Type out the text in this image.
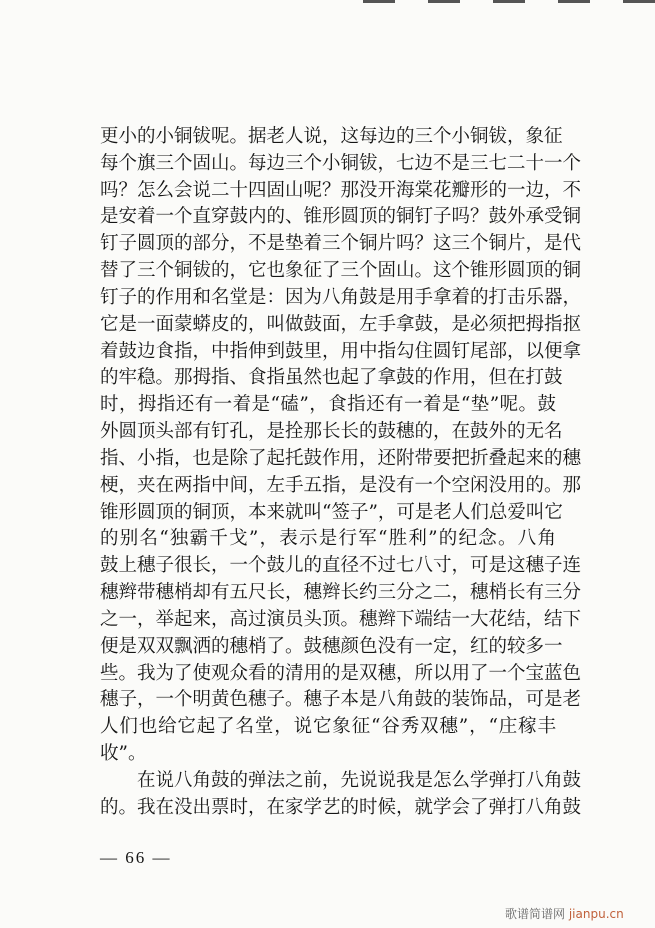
更小的小铜钹呢。据老人说，这每边的三个小铜钹，象征
每个旗三个固山。每边三个小铜钹，七边不是三七二十一个
吗？怎么会说二十四固山呢？那没开海棠花瓣形的一边，不
是安着一个直穿鼓内的、锥形圆顶的铜钉子吗？鼓外承受铜
钉子圆顶的部分，不是垫着三个铜片吗？这三个铜片，是代
替了三个铜钹的，它也象征了三个固山。这个锥形圆顶的铜
钉子的作用和名堂是：因为八角鼓是用手拿着的打击乐器，
它是一面蒙蟒皮的，叫做鼓面，左手拿鼓，是必须把拇指抠
着鼓边食指，中指伸到鼓里，用中指勾住圆钉尾部，以便拿
的牢稳。那拇指、食指虽然也起了拿鼓的作用，但在打鼓
时，拇指还有一着是“磕”，食指还有一着是“垫”呢。鼓
外圆顶头部有钉孔，是拴那长长的鼓穗的，在鼓外的无名
指、小指，也是除了起托鼓作用，还附带要把折叠起来的穗
梗，夹在两指中间，左手五指，是没有一个空闲没用的。那
锥形圆顶的铜顶，本来就叫“签子”，可是老人们总爱叫它
的别名“独霸千戈”，表示是行军“胜利”的纪念。八角
鼓上穗子很长，一个鼓儿的直径不过七八寸，可是这穗子连
穗辫带穗梢却有五尺长，穗辫长约三分之二，穗梢长有三分
之一，举起来，高过演员头顶。穗辫下端结一大花结，结下
便是双双飘洒的穗梢了。鼓穗颜色没有一定，红的较多一
些。我为了使观众看的清用的是双穗，所以用了一个宝蓝色
穗子，一个明黄色穗子。穗子本是八角鼓的装饰品，可是老
人们也给它起了名堂，说它象征“谷秀双穗”，“庄稼丰
收”。
在说八角鼓的弹法之前，先说说我是怎么学弹打八角鼓
的。我在没出票时，在家学艺的时候，就学会了弹打八角鼓
— 66 —
歌谱简谱网 jianpu.cn
